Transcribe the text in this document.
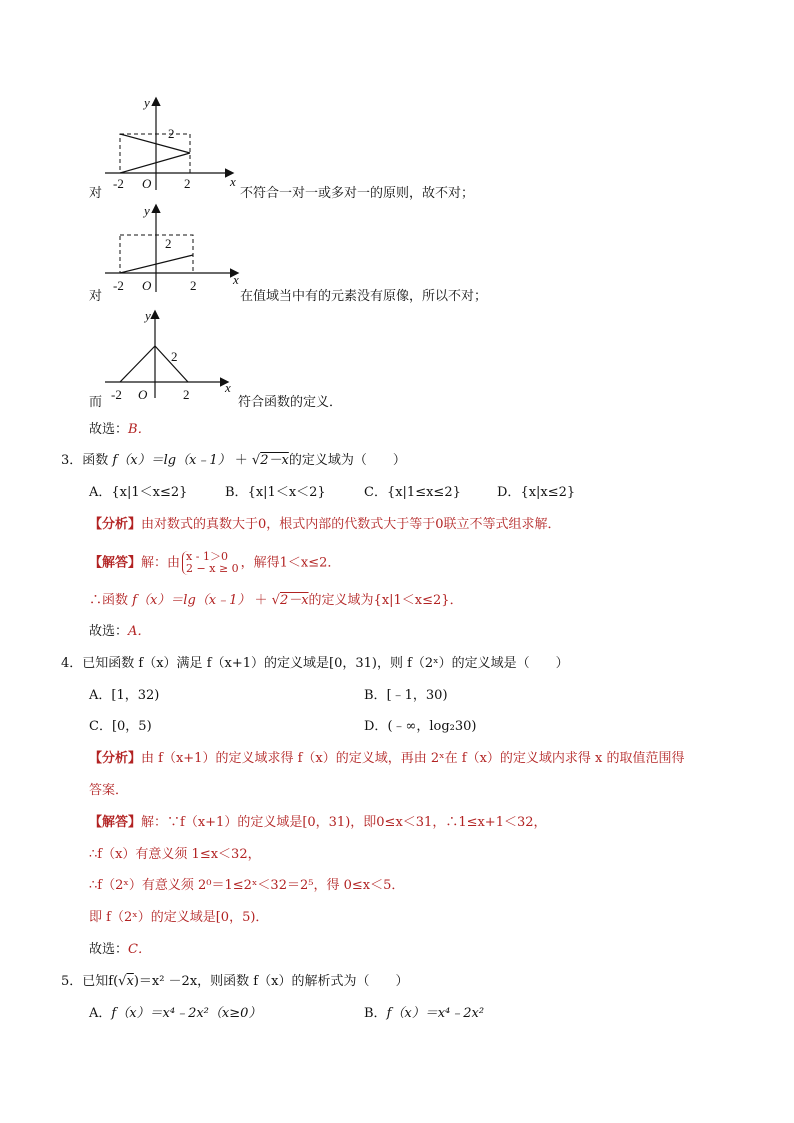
y
x
O
-2	2
2
对	不符合一对一或多对一的原则，故不对；
y
x
O
-2	2
2
对	在值域当中有的元素没有原像，所以不对；
y
x
O
-2	2
2
而	符合函数的定义．
故选：B．
3．函数 f（x）＝lg（x﹣1） ＋ √2－x的定义域为（　　）
A．{x|1＜x≤2}	B．{x|1＜x＜2}	C．{x|1≤x≤2}	D．{x|x≤2}
【分析】由对数式的真数大于0，根式内部的代数式大于等于0联立不等式组求解．
【解答】解：由 x - 1＞0
2 − x ≥ 0 ，解得1＜x≤2．
∴函数 f（x）＝lg（x﹣1） ＋ √2－x的定义域为{x|1＜x≤2}．
故选：A．
4．已知函数 f（x）满足 f（x+1）的定义域是[0，31)，则 f（2ˣ）的定义域是（　　）
A．[1，32)	B．[﹣1，30)
C．[0，5)	D．(﹣∞，log₂30)
【分析】由 f（x+1）的定义域求得 f（x）的定义域，再由 2ˣ在 f（x）的定义域内求得 x 的取值范围得
答案．
【解答】解：∵f（x+1）的定义域是[0，31)，即0≤x＜31，∴1≤x+1＜32，
∴f（x）有意义须 1≤x＜32，
∴f（2ˣ）有意义须 2⁰＝1≤2ˣ＜32＝2⁵，得 0≤x＜5．
即 f（2ˣ）的定义域是[0，5)．
故选：C．
5．已知f(√x)＝x² －2x，则函数 f（x）的解析式为（　　）
A．f（x）＝x⁴﹣2x²（x≥0）	B．f（x）＝x⁴﹣2x²
